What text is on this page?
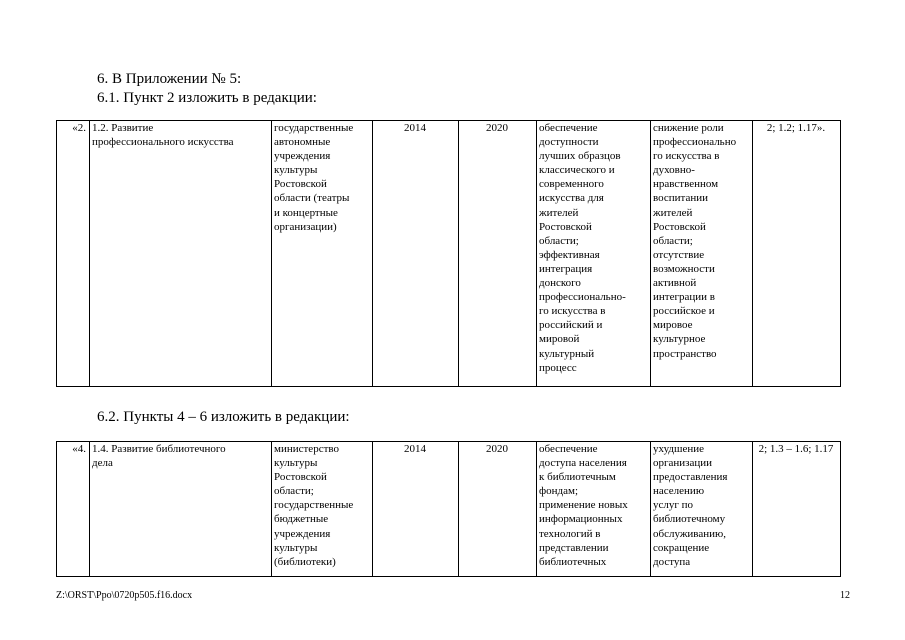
6. В Приложении № 5:
6.1. Пункт 2 изложить в редакции:
«2.	1.2. Развитие
профессионального искусства	государственные
автономные
учреждения
культуры
Ростовской
области (театры
и концертные
организации)	2014	2020	обеспечение
доступности
лучших образцов
классического и
современного
искусства для
жителей
Ростовской
области;
эффективная
интеграция
донского
профессионально-
го искусства в
российский и
мировой
культурный
процесс	снижение роли
профессионально
го искусства в
духовно-
нравственном
воспитании
жителей
Ростовской
области;
отсутствие
возможности
активной
интеграции в
российское и
мировое
культурное
пространство	2; 1.2; 1.17».
6.2. Пункты 4 – 6 изложить в редакции:
«4.	1.4. Развитие библиотечного
дела	министерство
культуры
Ростовской
области;
государственные
бюджетные
учреждения
культуры
(библиотеки)	2014	2020	обеспечение
доступа населения
к библиотечным
фондам;
применение новых
информационных
технологий в
представлении
библиотечных	ухудшение
организации
предоставления
населению
услуг по
библиотечному
обслуживанию,
сокращение
доступа	2; 1.3 – 1.6; 1.17
Z:\ORST\Ppo\0720p505.f16.docx	12
